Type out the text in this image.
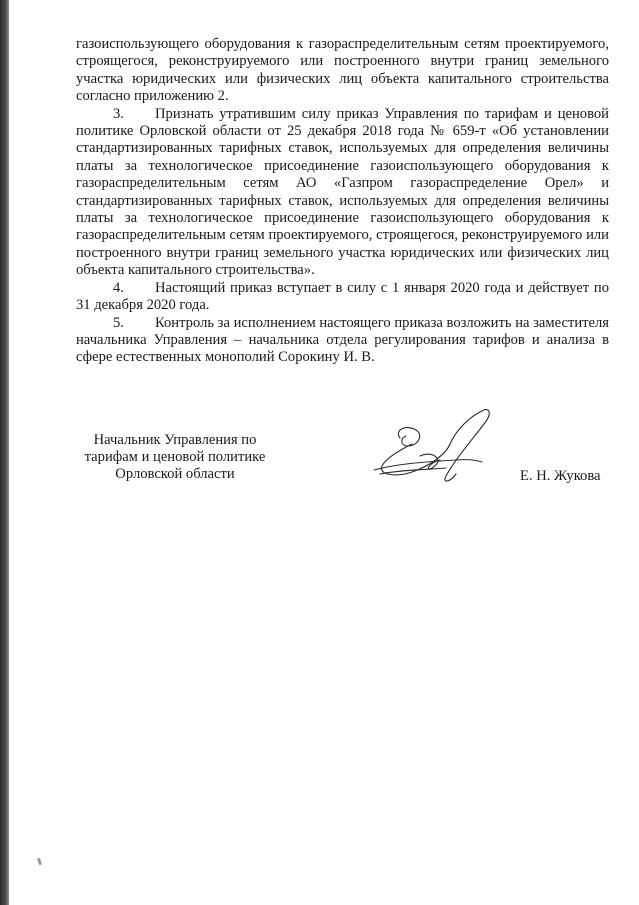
газоиспользующего оборудования к газораспределительным сетям проектируемого, строящегося, реконструируемого или построенного внутри границ земельного участка юридических или физических лиц объекта капитального строительства согласно приложению 2.

3. Признать утратившим силу приказ Управления по тарифам и ценовой политике Орловской области от 25 декабря 2018 года № 659-т «Об установлении стандартизированных тарифных ставок, используемых для определения величины платы за технологическое присоединение газоиспользующего оборудования к газораспределительным сетям АО «Газпром газораспределение Орел» и стандартизированных тарифных ставок, используемых для определения величины платы за технологическое присоединение газоиспользующего оборудования к газораспределительным сетям проектируемого, строящегося, реконструируемого или построенного внутри границ земельного участка юридических или физических лиц объекта капитального строительства».

4. Настоящий приказ вступает в силу с 1 января 2020 года и действует по 31 декабря 2020 года.

5. Контроль за исполнением настоящего приказа возложить на заместителя начальника Управления – начальника отдела регулирования тарифов и анализа в сфере естественных монополий Сорокину И. В.

Начальник Управления по
тарифам и ценовой политике
Орловской области	Е. Н. Жукова
